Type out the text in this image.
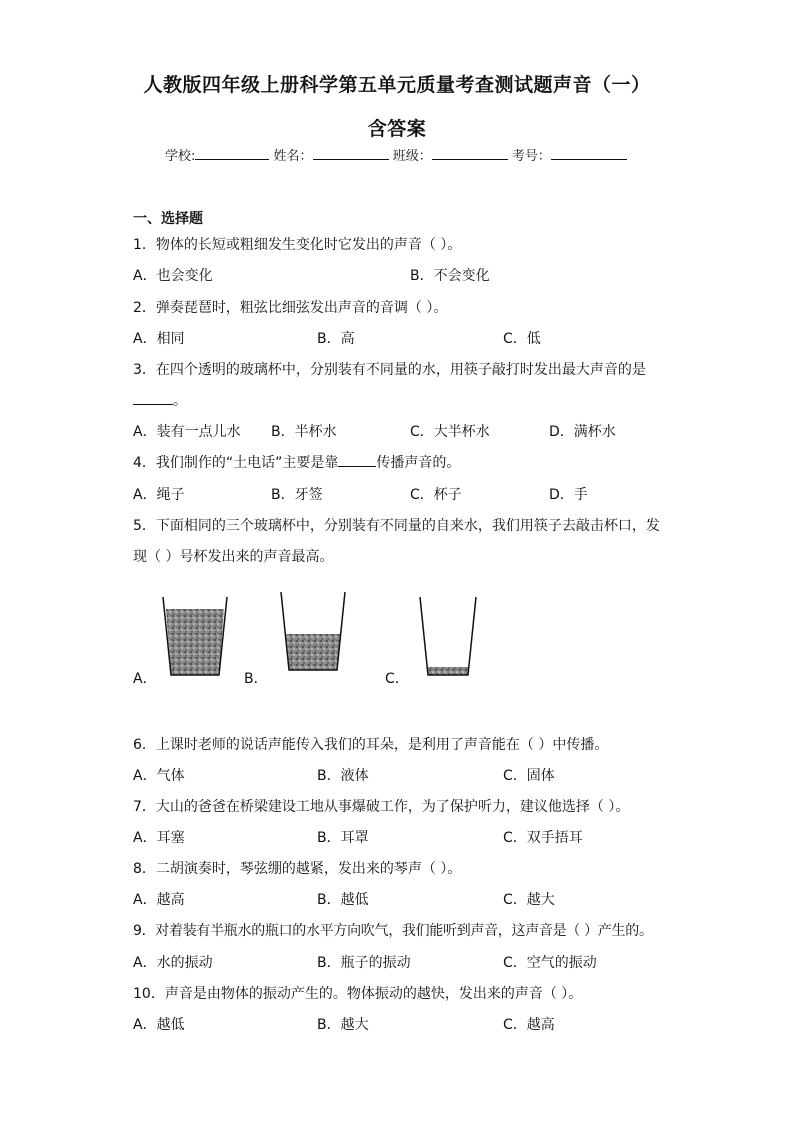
人教版四年级上册科学第五单元质量考查测试题声音（一）
含答案
学校:	姓名：	班级：	考号：
一、选择题
1．物体的长短或粗细发生变化时它发出的声音（ ）。
A．也会变化	B．不会变化
2．弹奏琵琶时，粗弦比细弦发出声音的音调（ ）。
A．相同	B．高	C．低
3．在四个透明的玻璃杯中，分别装有不同量的水，用筷子敲打时发出最大声音的是
。
A．装有一点儿水 B．半杯水	C．大半杯水	D．满杯水
4．我们制作的“土电话”主要是靠	传播声音的。
A．绳子	B．牙签	C．杯子	D．手
5．下面相同的三个玻璃杯中，分别装有不同量的自来水，我们用筷子去敲击杯口，发
现（ ）号杯发出来的声音最高。
A．	B．	C．
6．上课时老师的说话声能传入我们的耳朵，是利用了声音能在（ ）中传播。
A．气体	B．液体	C．固体
7．大山的爸爸在桥梁建设工地从事爆破工作，为了保护听力，建议他选择（ ）。
A．耳塞	B．耳罩	C．双手捂耳
8．二胡演奏时，琴弦绷的越紧，发出来的琴声（ ）。
A．越高	B．越低	C．越大
9．对着装有半瓶水的瓶口的水平方向吹气，我们能听到声音，这声音是（ ）产生的。
A．水的振动	B．瓶子的振动	C．空气的振动
10．声音是由物体的振动产生的。物体振动的越快，发出来的声音（ ）。
A．越低	B．越大	C．越高
